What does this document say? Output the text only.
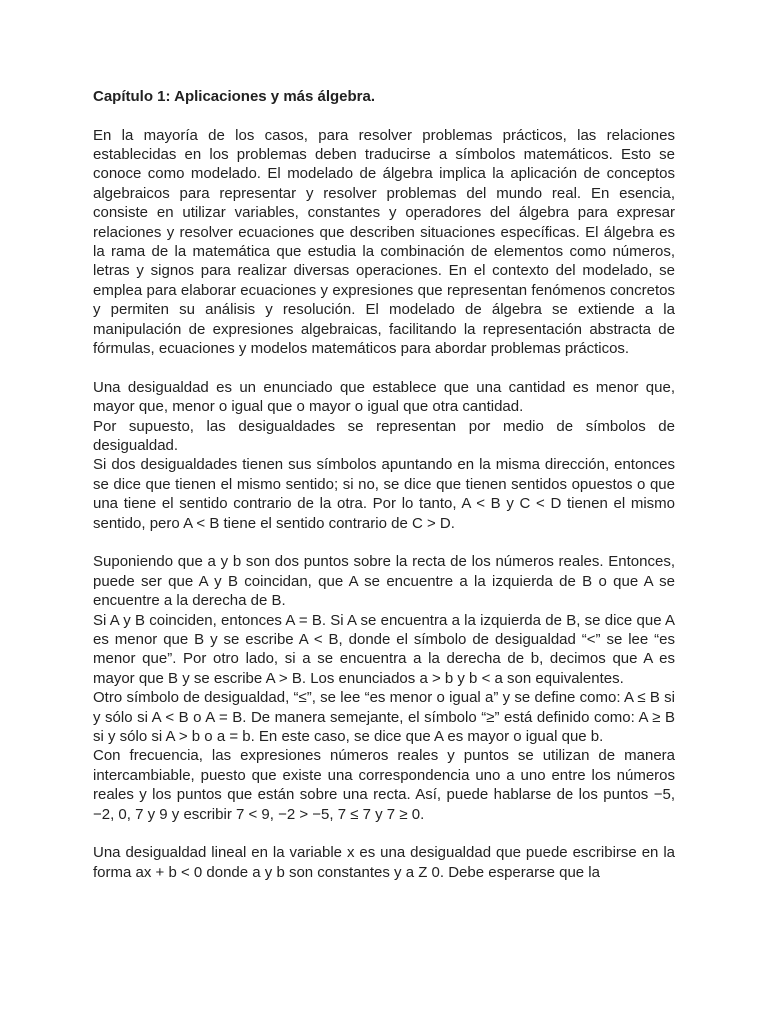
Capítulo 1: Aplicaciones y más álgebra.

En la mayoría de los casos, para resolver problemas prácticos, las relaciones establecidas en los problemas deben traducirse a símbolos matemáticos. Esto se conoce como modelado. El modelado de álgebra implica la aplicación de conceptos algebraicos para representar y resolver problemas del mundo real. En esencia, consiste en utilizar variables, constantes y operadores del álgebra para expresar relaciones y resolver ecuaciones que describen situaciones específicas. El álgebra es la rama de la matemática que estudia la combinación de elementos como números, letras y signos para realizar diversas operaciones. En el contexto del modelado, se emplea para elaborar ecuaciones y expresiones que representan fenómenos concretos y permiten su análisis y resolución. El modelado de álgebra se extiende a la manipulación de expresiones algebraicas, facilitando la representación abstracta de fórmulas, ecuaciones y modelos matemáticos para abordar problemas prácticos.

Una desigualdad es un enunciado que establece que una cantidad es menor que, mayor que, menor o igual que o mayor o igual que otra cantidad.

Por supuesto, las desigualdades se representan por medio de símbolos de desigualdad.

Si dos desigualdades tienen sus símbolos apuntando en la misma dirección, entonces se dice que tienen el mismo sentido; si no, se dice que tienen sentidos opuestos o que una tiene el sentido contrario de la otra. Por lo tanto, A < B y C < D tienen el mismo sentido, pero A < B tiene el sentido contrario de C > D.

Suponiendo que a y b son dos puntos sobre la recta de los números reales. Entonces, puede ser que A y B coincidan, que A se encuentre a la izquierda de B o que A se encuentre a la derecha de B.

Si A y B coinciden, entonces A = B. Si A se encuentra a la izquierda de B, se dice que A es menor que B y se escribe A < B, donde el símbolo de desigualdad “<” se lee “es menor que”. Por otro lado, si a se encuentra a la derecha de b, decimos que A es mayor que B y se escribe A > B. Los enunciados a > b y b < a son equivalentes.

Otro símbolo de desigualdad, “≤”, se lee “es menor o igual a” y se define como: A ≤ B si y sólo si A < B o A = B. De manera semejante, el símbolo “≥” está definido como: A ≥ B si y sólo si A > b o a = b. En este caso, se dice que A es mayor o igual que b.

Con frecuencia, las expresiones números reales y puntos se utilizan de manera intercambiable, puesto que existe una correspondencia uno a uno entre los números reales y los puntos que están sobre una recta. Así, puede hablarse de los puntos −5, −2, 0, 7 y 9 y escribir 7 < 9, −2 > −5, 7 ≤ 7 y 7 ≥ 0.

Una desigualdad lineal en la variable x es una desigualdad que puede escribirse en la forma ax + b < 0 donde a y b son constantes y a Z 0. Debe esperarse que la
